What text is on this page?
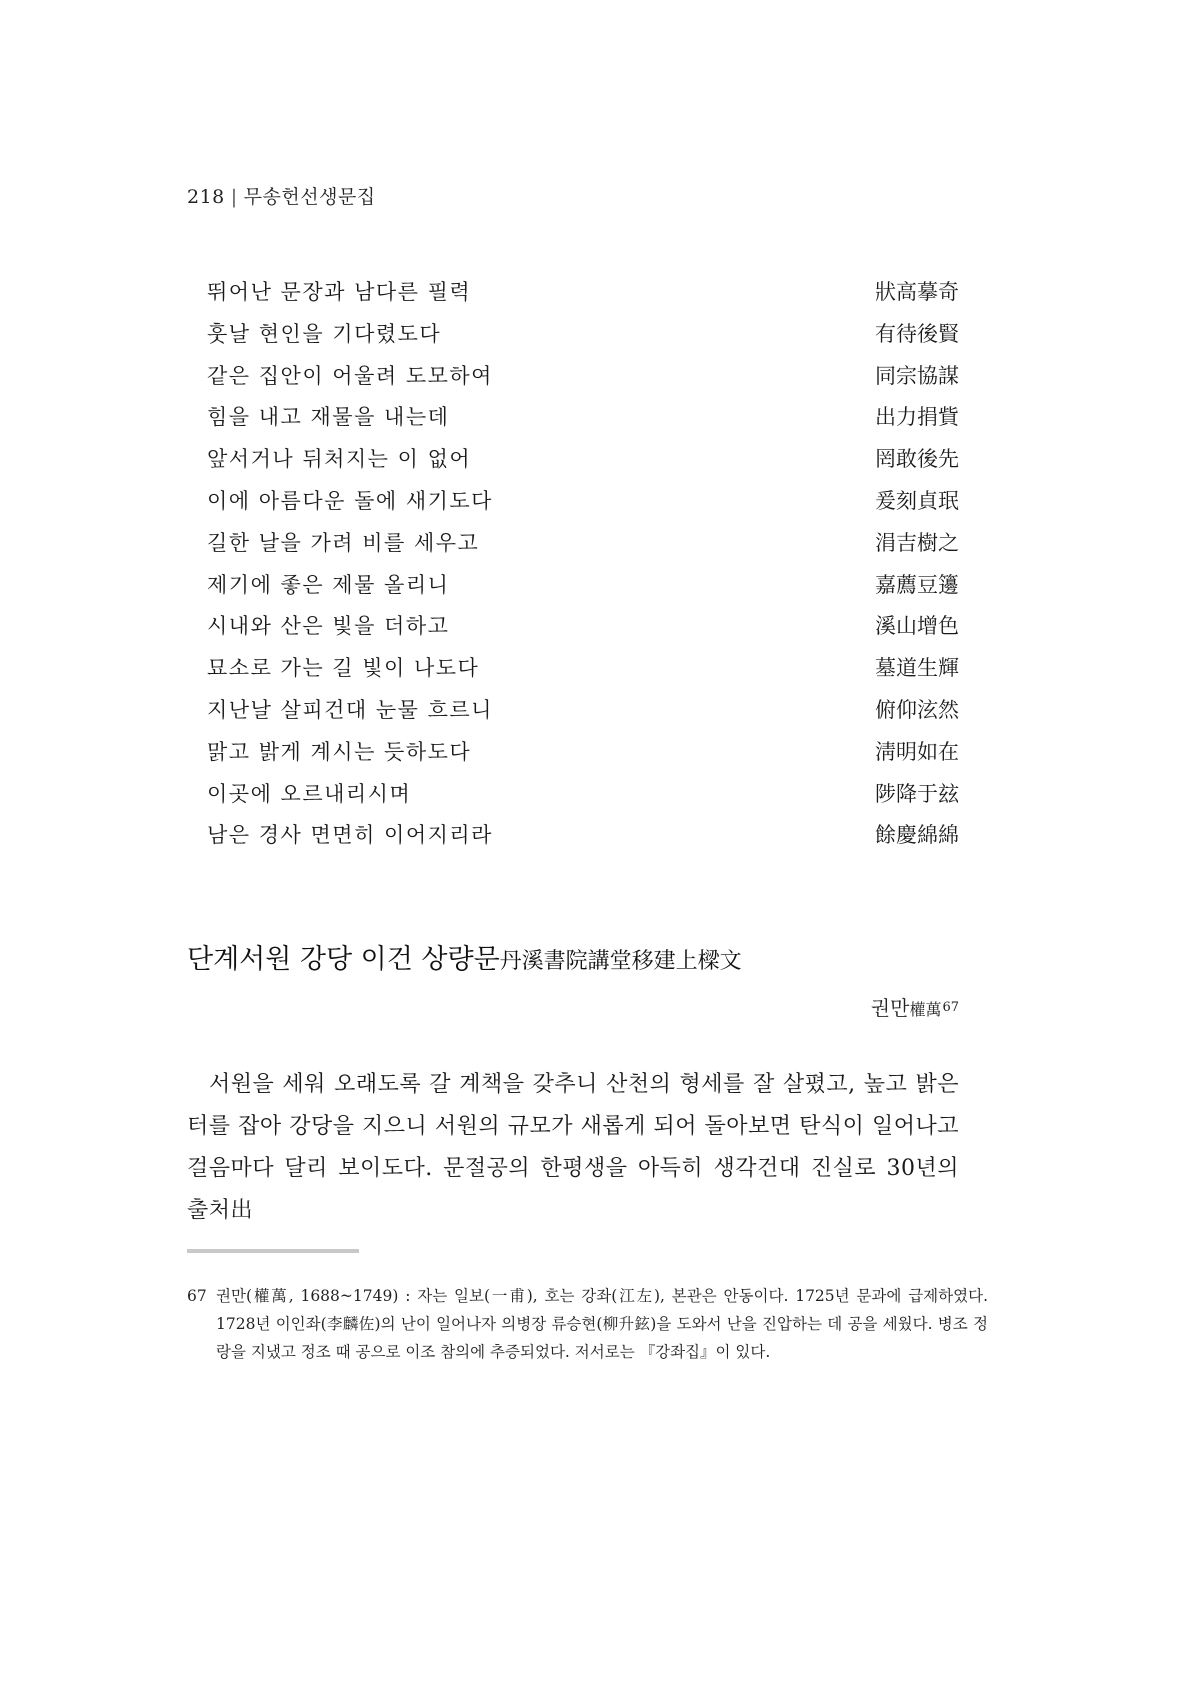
218 | 무송헌선생문집
뛰어난 문장과 남다른 필력	狀高摹奇
훗날 현인을 기다렸도다	有待後賢
같은 집안이 어울려 도모하여	同宗協謀
힘을 내고 재물을 내는데	出力捐貲
앞서거나 뒤처지는 이 없어	罔敢後先
이에 아름다운 돌에 새기도다	爰刻貞珉
길한 날을 가려 비를 세우고	涓吉樹之
제기에 좋은 제물 올리니	嘉薦豆籩
시내와 산은 빛을 더하고	溪山增色
묘소로 가는 길 빛이 나도다	墓道生輝
지난날 살피건대 눈물 흐르니	俯仰泫然
맑고 밝게 계시는 듯하도다	淸明如在
이곳에 오르내리시며	陟降于玆
남은 경사 면면히 이어지리라	餘慶綿綿
단계서원 강당 이건 상량문丹溪書院講堂移建上樑文
권만權萬$^{67}$
서원을 세워 오래도록 갈 계책을 갖추니 산천의 형세를 잘 살폈고, 높고 밝은 터를 잡아 강당을 지으니 서원의 규모가 새롭게 되어 돌아보면 탄식이 일어나고 걸음마다 달리 보이도다. 문절공의 한평생을 아득히 생각건대 진실로 30년의 출처出
67 권만(權萬, 1688~1749) : 자는 일보(一甫), 호는 강좌(江左), 본관은 안동이다. 1725년 문과에 급제하였다. 1728년 이인좌(李麟佐)의 난이 일어나자 의병장 류승현(柳升鉉)을 도와서 난을 진압하는 데 공을 세웠다. 병조 정랑을 지냈고 정조 때 공으로 이조 참의에 추증되었다. 저서로는 『강좌집』이 있다.
